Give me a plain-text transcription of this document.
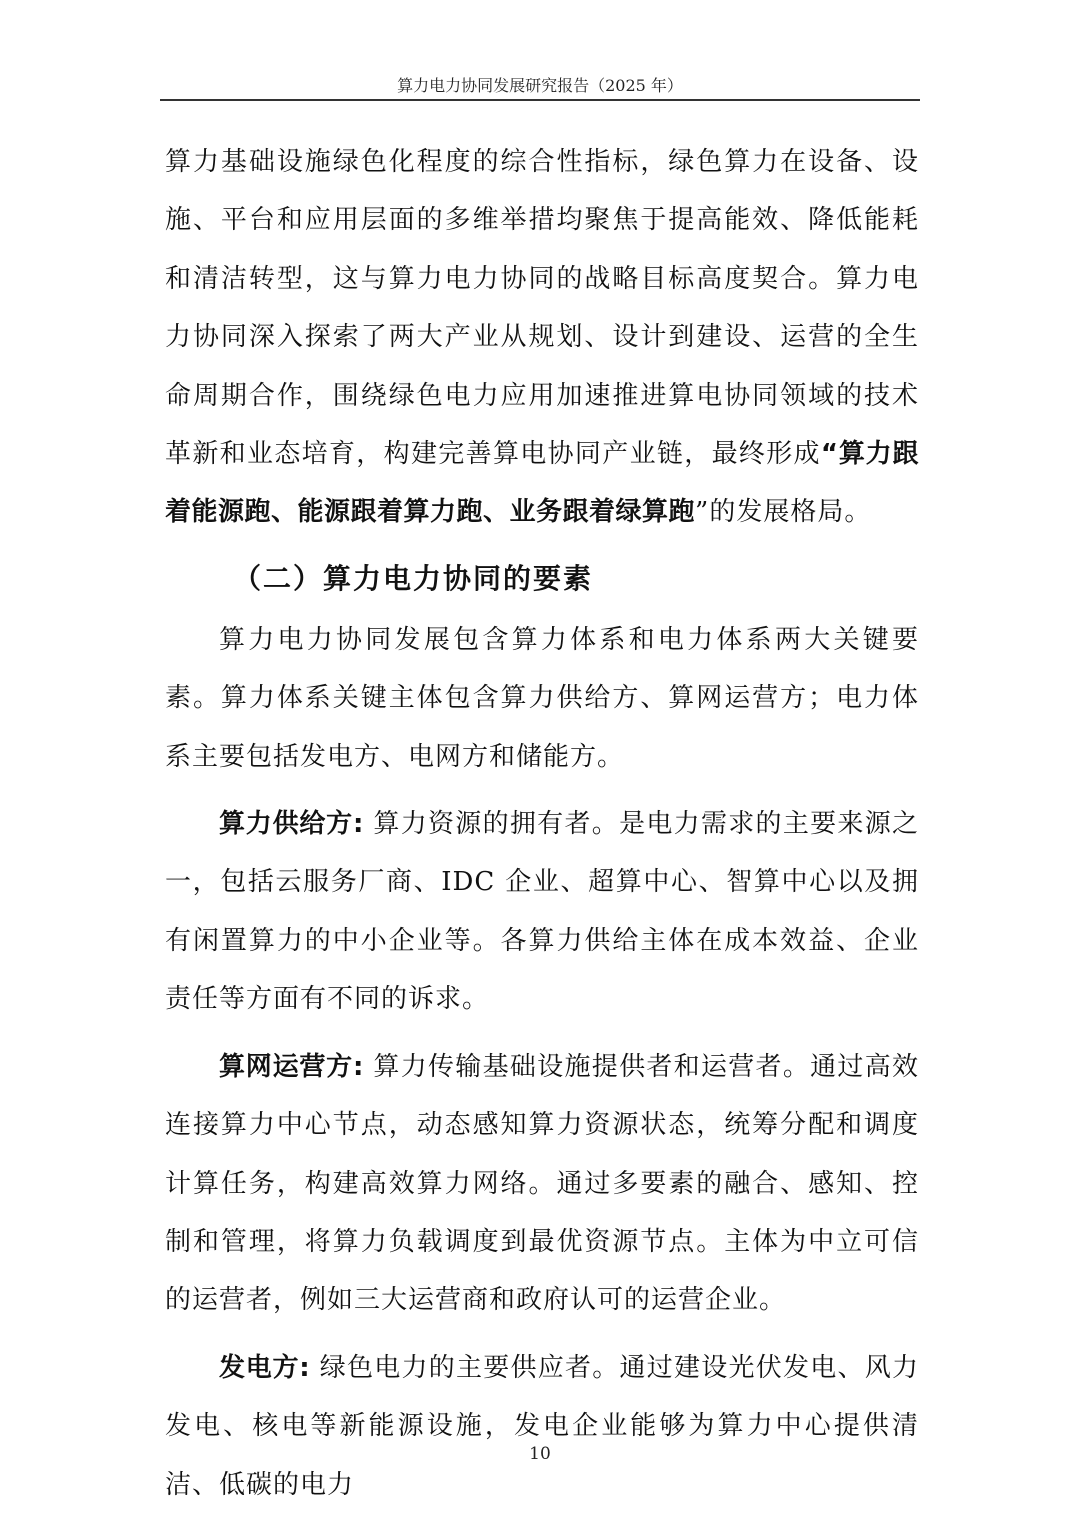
算力电力协同发展研究报告（2025 年）

算力基础设施绿色化程度的综合性指标，绿色算力在设备、设施、平台和应用层面的多维举措均聚焦于提高能效、降低能耗和清洁转型，这与算力电力协同的战略目标高度契合。算力电力协同深入探索了两大产业从规划、设计到建设、运营的全生命周期合作，围绕绿色电力应用加速推进算电协同领域的技术革新和业态培育，构建完善算电协同产业链，最终形成“算力跟着能源跑、能源跟着算力跑、业务跟着绿算跑”的发展格局。

（二）算力电力协同的要素

算力电力协同发展包含算力体系和电力体系两大关键要素。算力体系关键主体包含算力供给方、算网运营方；电力体系主要包括发电方、电网方和储能方。

算力供给方: 算力资源的拥有者。是电力需求的主要来源之一，包括云服务厂商、IDC 企业、超算中心、智算中心以及拥有闲置算力的中小企业等。各算力供给主体在成本效益、企业责任等方面有不同的诉求。

算网运营方: 算力传输基础设施提供者和运营者。通过高效连接算力中心节点，动态感知算力资源状态，统筹分配和调度计算任务，构建高效算力网络。通过多要素的融合、感知、控制和管理，将算力负载调度到最优资源节点。主体为中立可信的运营者，例如三大运营商和政府认可的运营企业。

发电方: 绿色电力的主要供应者。通过建设光伏发电、风力发电、核电等新能源设施，发电企业能够为算力中心提供清洁、低碳的电力

10
